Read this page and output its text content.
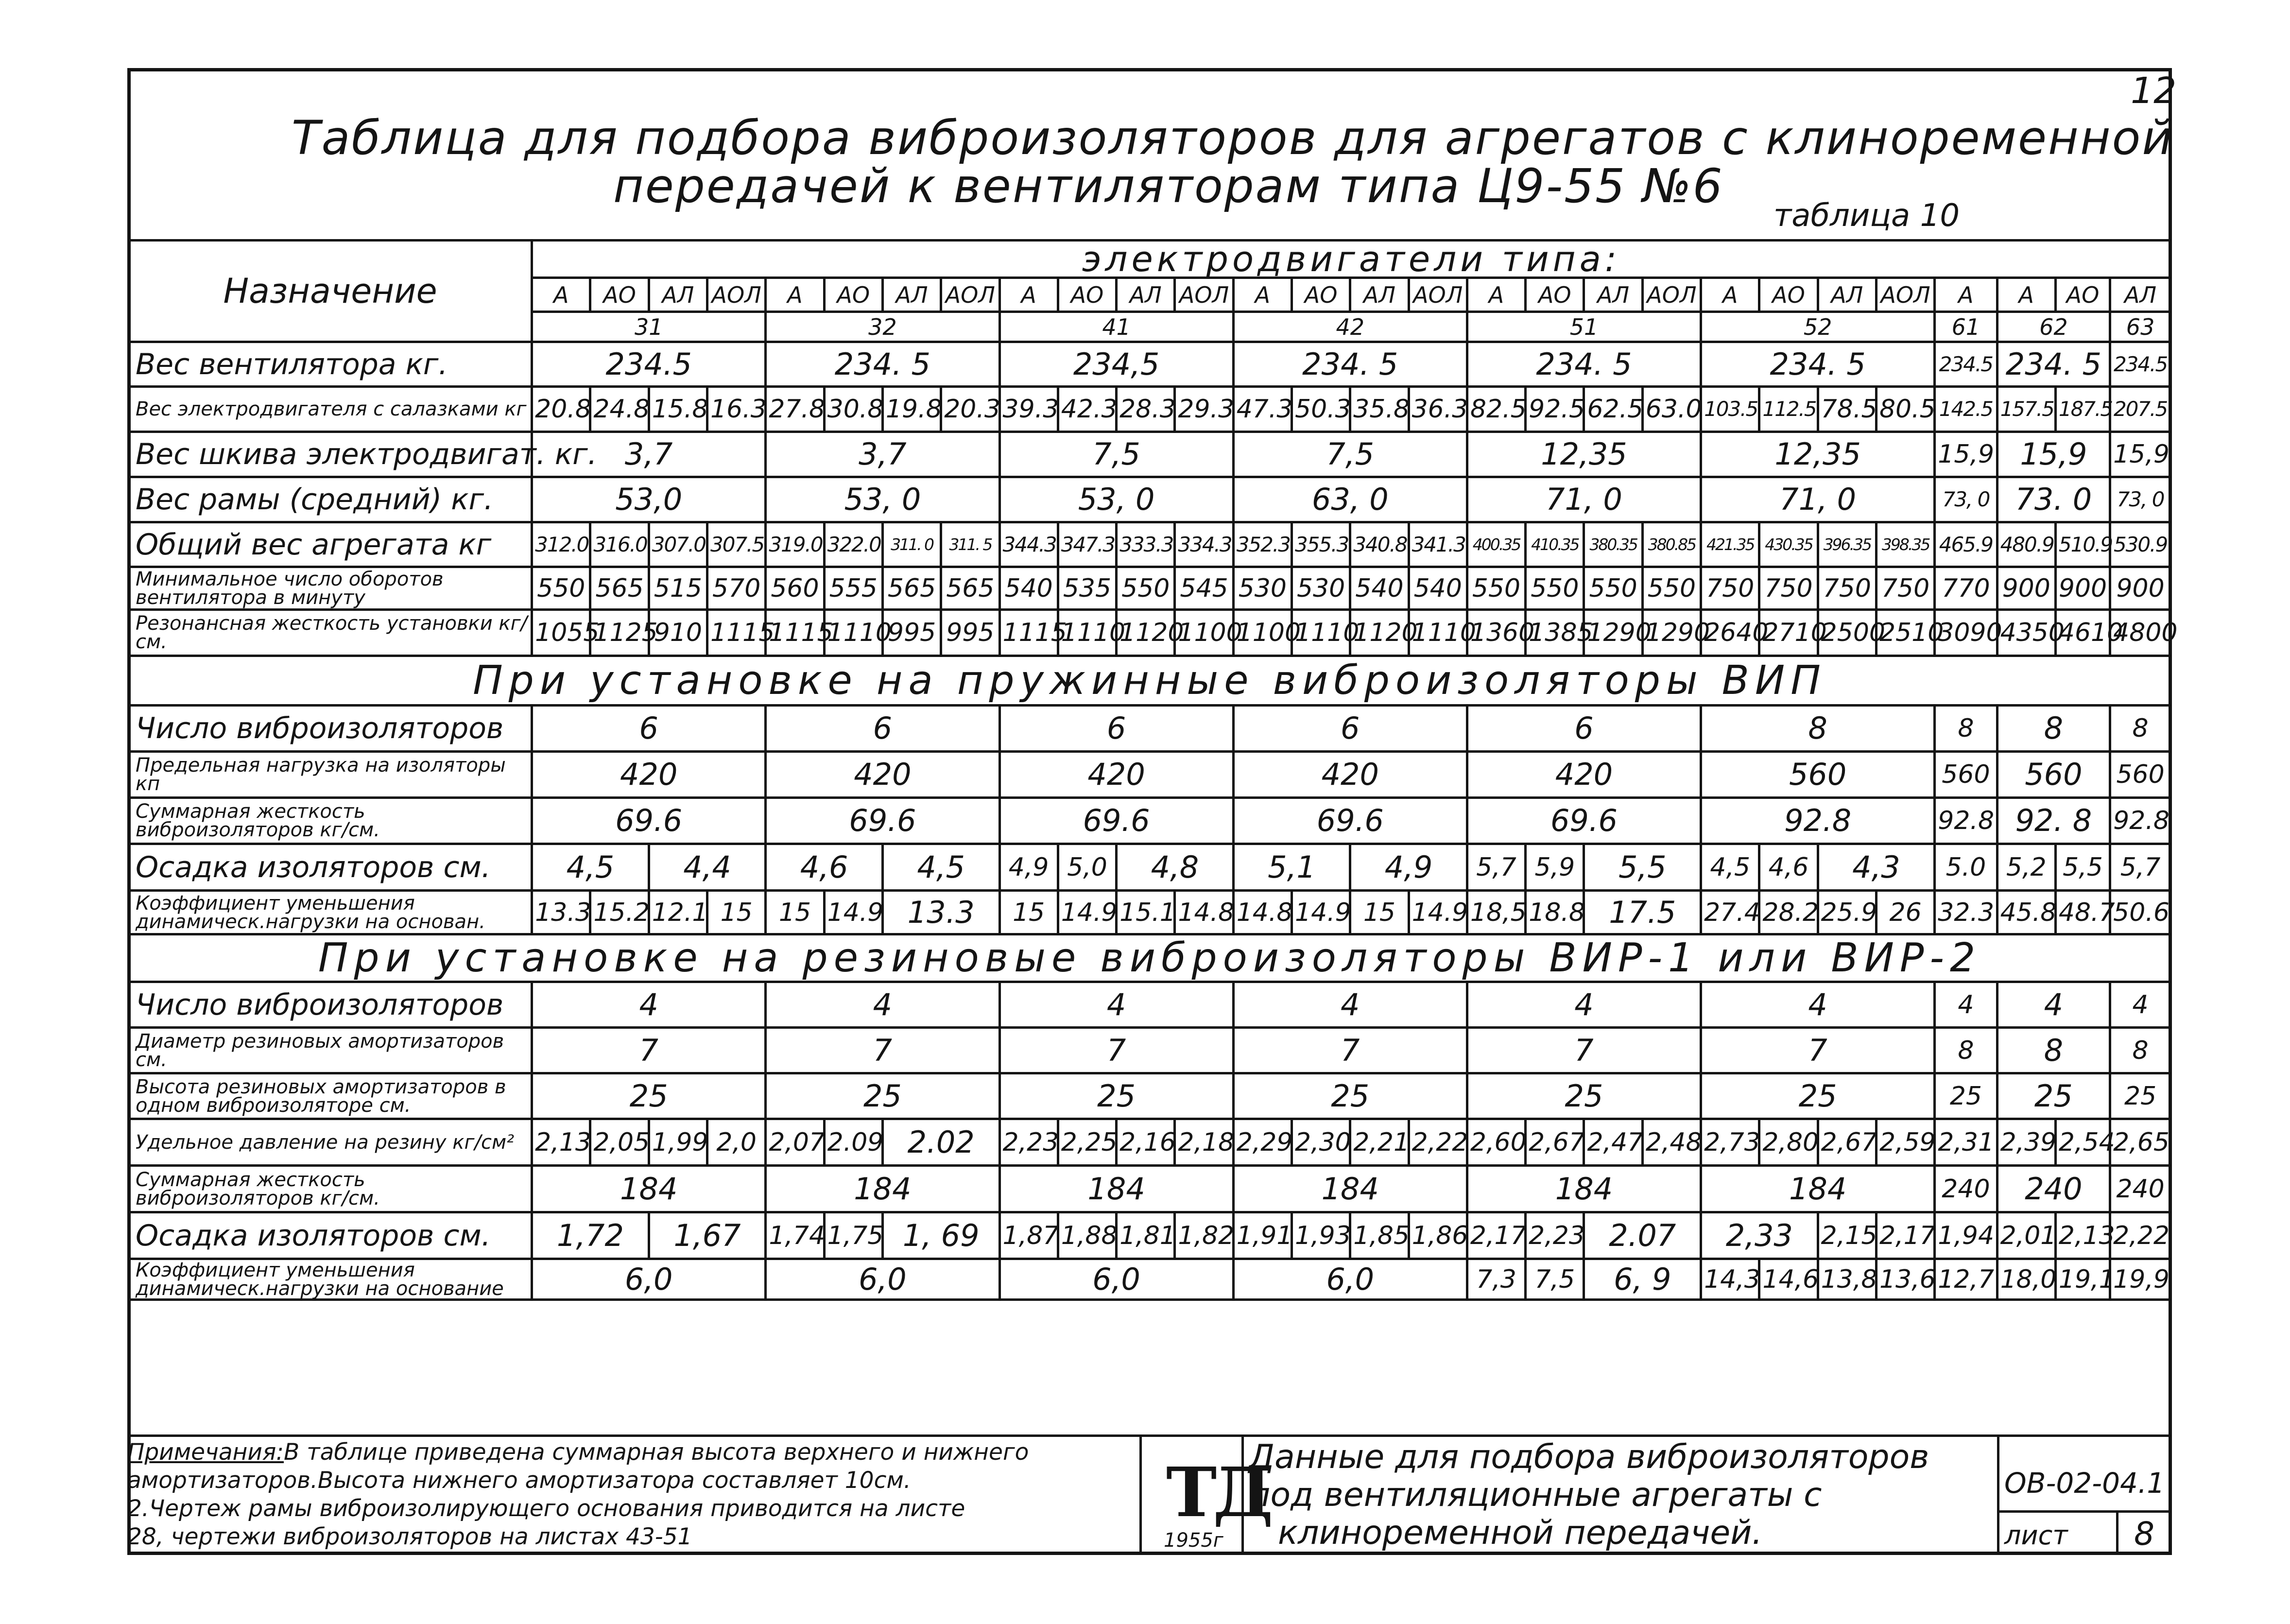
12
Таблица для подбора виброизоляторов для агрегатов с клиноременной
передачей к вентиляторам типа Ц9-55 №6
таблица 10
Назначение	электродвигатели типа:																											
	А	АО	АЛ	АОЛ	А	АО	АЛ	АОЛ	А	АО	АЛ	АОЛ	А	АО	АЛ	АОЛ	А	АО	АЛ	АОЛ	А	АО	АЛ	АОЛ	А	А	АО	АЛ
	31				32				41				42				51				52				61	62		63
Вес вентилятора кг.	234.5				234. 5				234,5				234. 5				234. 5				234. 5				234.5	234. 5		234.5
Вес электродвигателя с салазками кг	20.8	24.8	15.8	16.3	27.8	30.8	19.8	20.3	39.3	42.3	28.3	29.3	47.3	50.3	35.8	36.3	82.5	92.5	62.5	63.0	103.5	112.5	78.5	80.5	142.5	157.5	187.5	207.5
Вес шкива электродвигат. кг.	3,7				3,7				7,5				7,5				12,35				12,35				15,9	15,9		15,9
Вес рамы (средний) кг.	53,0				53, 0				53, 0				63, 0				71, 0				71, 0				73, 0	73. 0		73, 0
Общий вес агрегата кг	312.0	316.0	307.0	307.5	319.0	322.0	311. 0	311. 5	344.3	347.3	333.3	334.3	352.3	355.3	340.8	341.3	400.35	410.35	380.35	380.85	421.35	430.35	396.35	398.35	465.9	480.9	510.9	530.9
Минимальное число оборотов вентилятора в минуту	550	565	515	570	560	555	565	565	540	535	550	545	530	530	540	540	550	550	550	550	750	750	750	750	770	900	900	900
Резонансная жесткость установки кг/см.	1055	1125	910	1115	1115	1110	995	995	1115	1110	1120	1100	1100	1110	1120	1110	1360	1385	1290	1290	2640	2710	2500	2510	3090	4350	4610	4800
При установке на пружинные виброизоляторы ВИП																												
Число виброизоляторов	6				6				6				6				6				8				8	8		8
Предельная нагрузка на изоляторы кп	420				420				420				420				420				560				560	560		560
Суммарная жесткость виброизоляторов кг/см.	69.6				69.6				69.6				69.6				69.6				92.8				92.8	92. 8		92.8
Осадка изоляторов см.	4,5		4,4		4,6		4,5		4,9	5,0	4,8		5,1		4,9		5,7	5,9	5,5		4,5	4,6	4,3		5.0	5,2	5,5	5,7
Коэффициент уменьшения динамическ.нагрузки на основан.	13.3	15.2	12.1	15	15	14.9	13.3		15	14.9	15.1	14.8	14.8	14.9	15	14.9	18,5	18.8	17.5		27.4	28.2	25.9	26	32.3	45.8	48.7	50.6
При установке на резиновые виброизоляторы ВИР-1 или ВИР-2																												
Число виброизоляторов	4				4				4				4				4				4				4	4		4
Диаметр резиновых амортизаторов см.	7				7				7				7				7				7				8	8		8
Высота резиновых амортизаторов в одном виброизоляторе см.	25				25				25				25				25				25				25	25		25
Удельное давление на резину кг/см²	2,13	2,05	1,99	2,0	2,07	2.09	2.02		2,23	2,25	2,16	2,18	2,29	2,30	2,21	2,22	2,60	2,67	2,47	2,48	2,73	2,80	2,67	2,59	2,31	2,39	2,54	2,65
Суммарная жесткость виброизоляторов кг/см.	184				184				184				184				184				184				240	240		240
Осадка изоляторов см.	1,72		1,67		1,74	1,75	1, 69		1,87	1,88	1,81	1,82	1,91	1,93	1,85	1,86	2,17	2,23	2.07		2,33		2,15	2,17	1,94	2,01	2,13	2,22
Коэффициент уменьшения динамическ.нагрузки на основание	6,0				6,0				6,0				6,0				7,3	7,5	6, 9		14,3	14,6	13,8	13,6	12,7	18,0	19,1	19,9
Примечания:В таблице приведена суммарная высота верхнего и нижнего
амортизаторов.Высота нижнего амортизатора составляет 10см.
2.Чертеж рамы виброизолирующего основания приводится на листе
28, чертежи виброизоляторов на листах 43-51
ТД
1955г
Данные для подбора виброизоляторов
под вентиляционные агрегаты с
клиноременной передачей.
ОВ-02-04.1
лист 8
